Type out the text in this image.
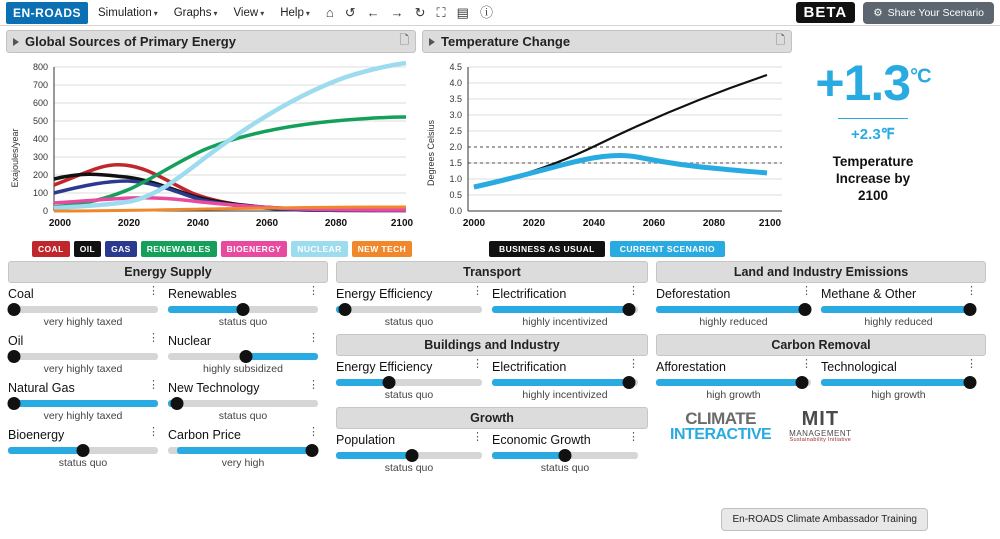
EN-ROADS	Simulation ▾ Graphs ▾ View ▾ Help ▾ ⌂ ↺ ← → ↻ ⛶ ▤ ⓘ	BETA	⚙ Share Your Scenario
Global Sources of Primary Energy	🗋
Exajoules/year
800
700
600
500
400
300
200
100
0
2000	2020	2040	2060	2080	2100
COAL	OIL	GAS	RENEWABLES	BIOENERGY	NUCLEAR	NEW TECH
Temperature Change	🗋
Degrees Celsius
4.5
4.0
3.5
3.0
2.5
2.0
1.5
1.0
0.5
0.0
2000	2020	2040	2060	2080	2100
BUSINESS AS USUAL	CURRENT SCENARIO
$+1.3^{^\circ C}$
+2.3℉
Temperature
Increase by
2100
Energy Supply
Coal	⋮
very highly taxed
Renewables	⋮
status quo
Oil	⋮
very highly taxed
Nuclear	⋮
highly subsidized
Natural Gas	⋮
very highly taxed
New Technology	⋮
status quo
Bioenergy	⋮
status quo
Carbon Price	⋮
very high
Transport
Energy Efficiency	⋮
status quo
Electrification	⋮
highly incentivized
Buildings and Industry
Energy Efficiency	⋮
status quo
Electrification	⋮
highly incentivized
Growth
Population	⋮
status quo
Economic Growth	⋮
status quo
Land and Industry Emissions
Deforestation	⋮
highly reduced
Methane & Other	⋮
highly reduced
Carbon Removal
Afforestation	⋮
high growth
Technological	⋮
high growth
CLIMATE
INTERACTIVE
MIT
MANAGEMENT
Sustainability Initiative
En-ROADS Climate Ambassador Training
